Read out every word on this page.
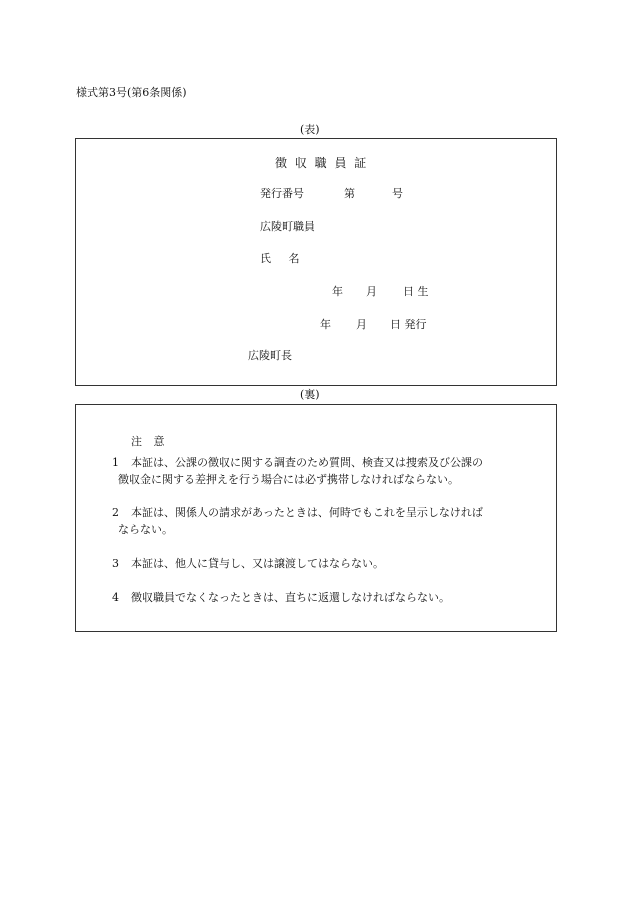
様式第3号(第6条関係)
(表)
徴 収 職 員 証
発行番号	第	号
広陵町職員
氏 名
年 月 日 生
年 月 日 発行
広陵町長
(裏)
注 意
1 本証は、公課の徴収に関する調査のため質問、検査又は捜索及び公課の
徴収金に関する差押えを行う場合には必ず携帯しなければならない。
2 本証は、関係人の請求があったときは、何時でもこれを呈示しなければ
ならない。
3 本証は、他人に貸与し、又は譲渡してはならない。
4 徴収職員でなくなったときは、直ちに返還しなければならない。
